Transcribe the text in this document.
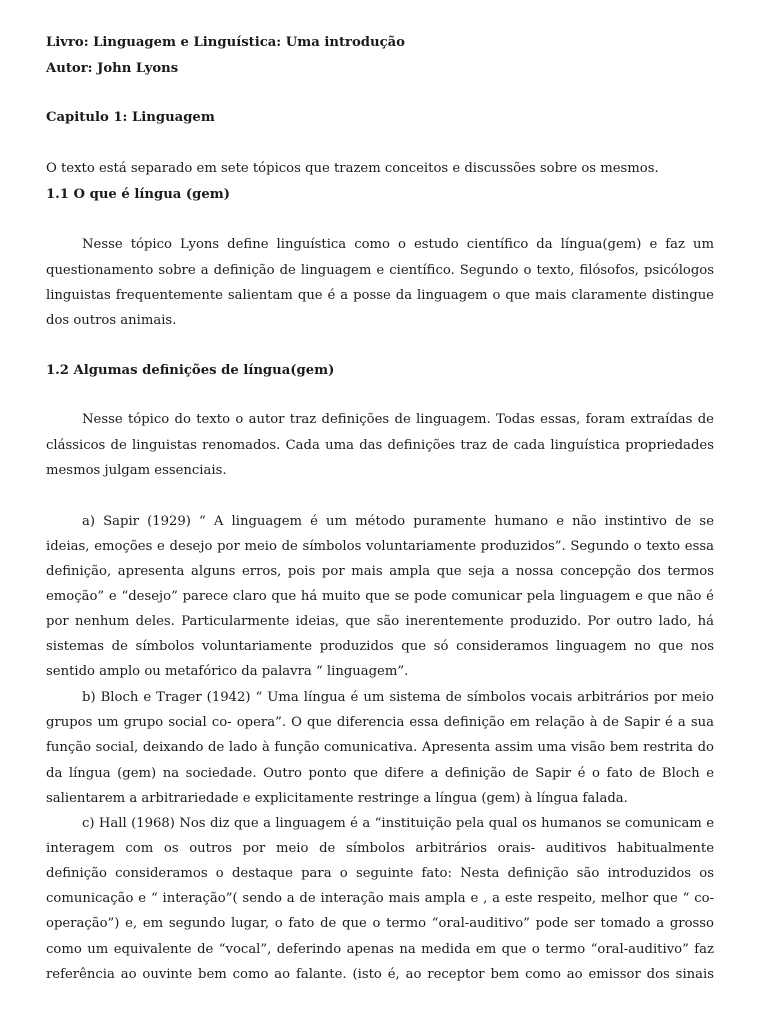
Livro: Linguagem e Linguística: Uma introdução

Autor: John Lyons

Capitulo 1: Linguagem

O texto está separado em sete tópicos que trazem conceitos e discussões sobre os mesmos.

1.1 O que é língua (gem)

Nesse tópico Lyons define linguística como o estudo científico da língua(gem) e faz um

questionamento sobre a definição de linguagem e científico. Segundo o texto, filósofos, psicólogos

linguistas frequentemente salientam que é a posse da linguagem o que mais claramente distingue

dos outros animais.

1.2 Algumas definições de língua(gem)

Nesse tópico do texto o autor traz definições de linguagem. Todas essas, foram extraídas de

clássicos de linguistas renomados. Cada uma das definições traz de cada linguística propriedades

mesmos julgam essenciais.

a) Sapir (1929) “ A linguagem é um método puramente humano e não instintivo de se

ideias, emoções e desejo por meio de símbolos voluntariamente produzidos”. Segundo o texto essa

definição, apresenta alguns erros, pois por mais ampla que seja a nossa concepção dos termos

emoção” e “desejo” parece claro que há muito que se pode comunicar pela linguagem e que não é

por nenhum deles. Particularmente ideias, que são inerentemente produzido. Por outro lado, há

sistemas de símbolos voluntariamente produzidos que só consideramos linguagem no que nos

sentido amplo ou metafórico da palavra “ linguagem”.

b) Bloch e Trager (1942) “ Uma língua é um sistema de símbolos vocais arbitrários por meio

grupos um grupo social co- opera”. O que diferencia essa definição em relação à de Sapir é a sua

função social, deixando de lado à função comunicativa. Apresenta assim uma visão bem restrita do

da língua (gem) na sociedade. Outro ponto que difere a definição de Sapir é o fato de Bloch e

salientarem a arbitrariedade e explicitamente restringe a língua (gem) à língua falada.

c) Hall (1968) Nos diz que a linguagem é a “instituição pela qual os humanos se comunicam e

interagem com os outros por meio de símbolos arbitrários orais- auditivos habitualmente

definição consideramos o destaque para o seguinte fato: Nesta definição são introduzidos os

comunicação e “ interação”( sendo a de interação mais ampla e , a este respeito, melhor que “ co-

operação”) e, em segundo lugar, o fato de que o termo “oral-auditivo” pode ser tomado a grosso

como um equivalente de “vocal”, deferindo apenas na medida em que o termo “oral-auditivo” faz

referência ao ouvinte bem como ao falante. (isto é, ao receptor bem como ao emissor dos sinais
